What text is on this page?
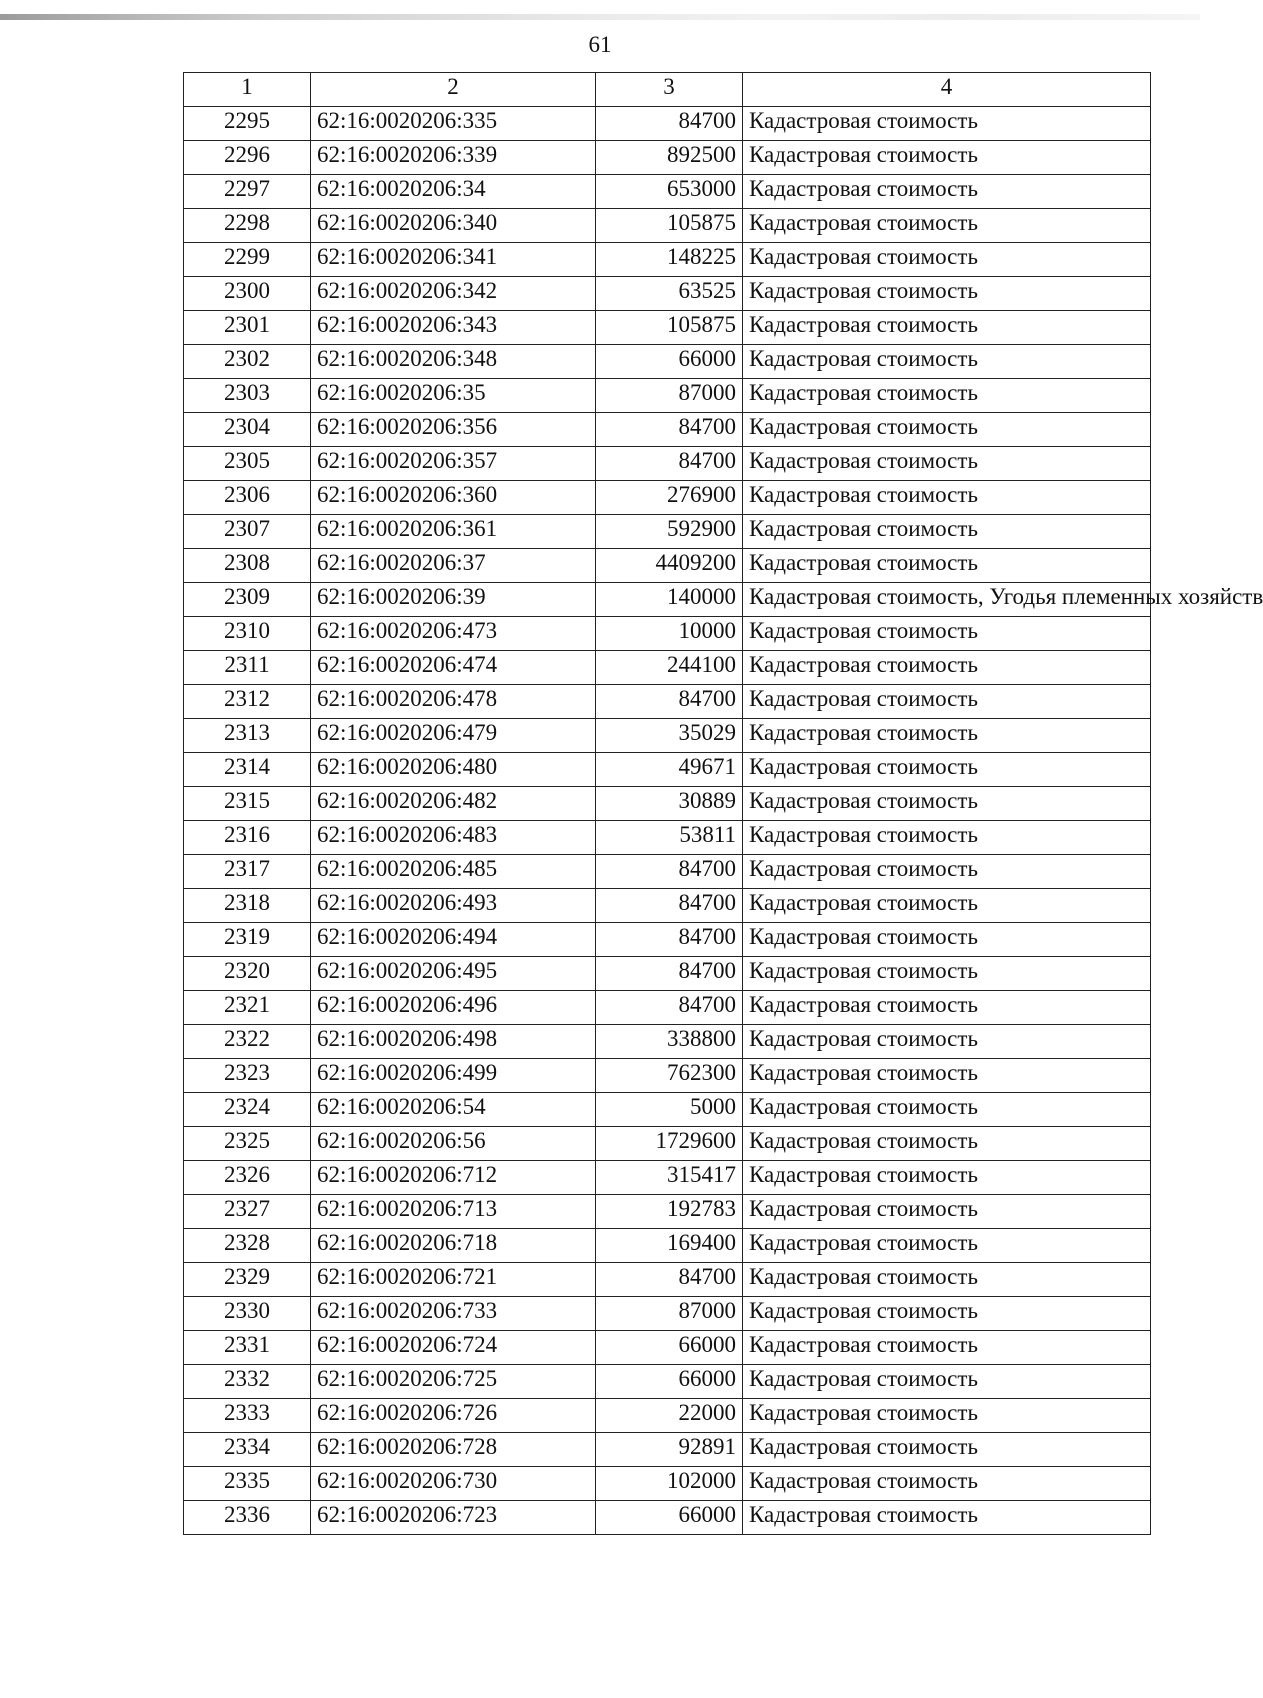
61
1	2	3	4
2295	62:16:0020206:335	84700	Кадастровая стоимость
2296	62:16:0020206:339	892500	Кадастровая стоимость
2297	62:16:0020206:34	653000	Кадастровая стоимость
2298	62:16:0020206:340	105875	Кадастровая стоимость
2299	62:16:0020206:341	148225	Кадастровая стоимость
2300	62:16:0020206:342	63525	Кадастровая стоимость
2301	62:16:0020206:343	105875	Кадастровая стоимость
2302	62:16:0020206:348	66000	Кадастровая стоимость
2303	62:16:0020206:35	87000	Кадастровая стоимость
2304	62:16:0020206:356	84700	Кадастровая стоимость
2305	62:16:0020206:357	84700	Кадастровая стоимость
2306	62:16:0020206:360	276900	Кадастровая стоимость
2307	62:16:0020206:361	592900	Кадастровая стоимость
2308	62:16:0020206:37	4409200	Кадастровая стоимость
2309	62:16:0020206:39	140000	Кадастровая стоимость, Угодья племенных хозяйств
2310	62:16:0020206:473	10000	Кадастровая стоимость
2311	62:16:0020206:474	244100	Кадастровая стоимость
2312	62:16:0020206:478	84700	Кадастровая стоимость
2313	62:16:0020206:479	35029	Кадастровая стоимость
2314	62:16:0020206:480	49671	Кадастровая стоимость
2315	62:16:0020206:482	30889	Кадастровая стоимость
2316	62:16:0020206:483	53811	Кадастровая стоимость
2317	62:16:0020206:485	84700	Кадастровая стоимость
2318	62:16:0020206:493	84700	Кадастровая стоимость
2319	62:16:0020206:494	84700	Кадастровая стоимость
2320	62:16:0020206:495	84700	Кадастровая стоимость
2321	62:16:0020206:496	84700	Кадастровая стоимость
2322	62:16:0020206:498	338800	Кадастровая стоимость
2323	62:16:0020206:499	762300	Кадастровая стоимость
2324	62:16:0020206:54	5000	Кадастровая стоимость
2325	62:16:0020206:56	1729600	Кадастровая стоимость
2326	62:16:0020206:712	315417	Кадастровая стоимость
2327	62:16:0020206:713	192783	Кадастровая стоимость
2328	62:16:0020206:718	169400	Кадастровая стоимость
2329	62:16:0020206:721	84700	Кадастровая стоимость
2330	62:16:0020206:733	87000	Кадастровая стоимость
2331	62:16:0020206:724	66000	Кадастровая стоимость
2332	62:16:0020206:725	66000	Кадастровая стоимость
2333	62:16:0020206:726	22000	Кадастровая стоимость
2334	62:16:0020206:728	92891	Кадастровая стоимость
2335	62:16:0020206:730	102000	Кадастровая стоимость
2336	62:16:0020206:723	66000	Кадастровая стоимость
